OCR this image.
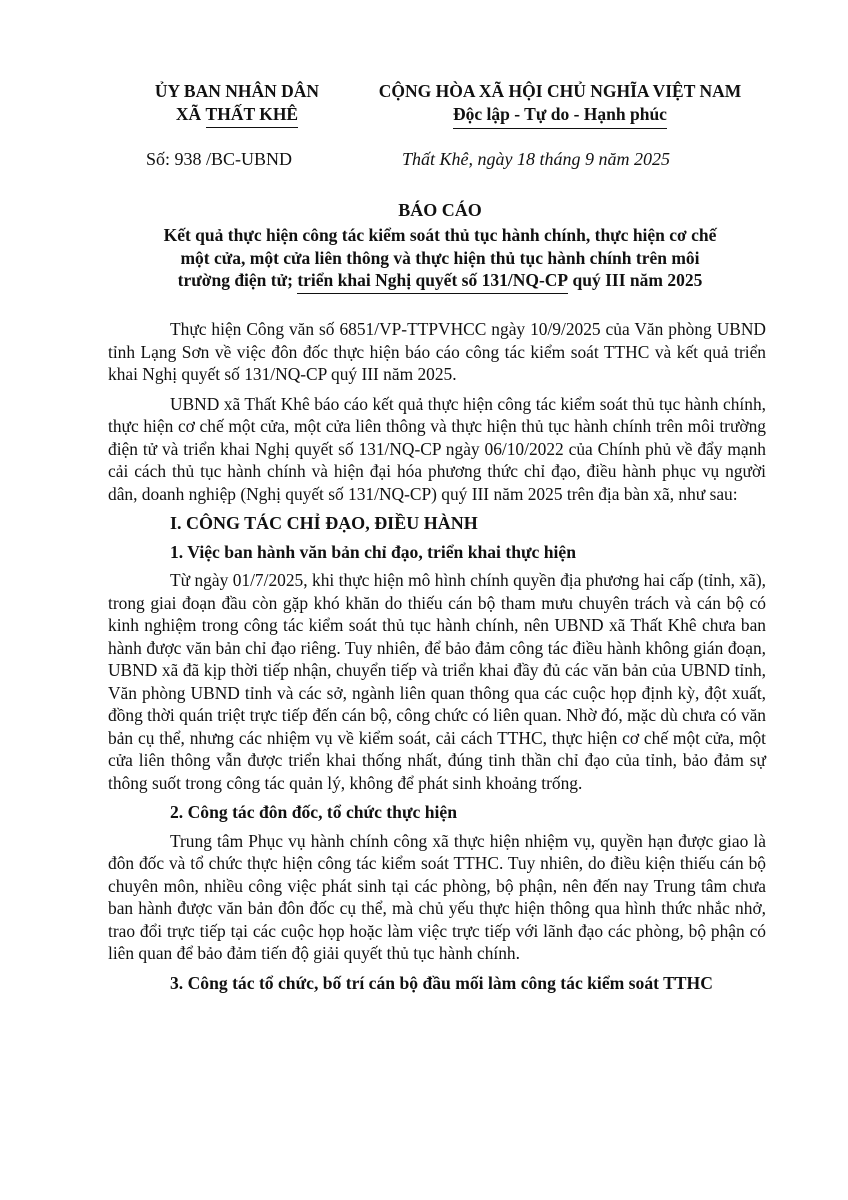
ỦY BAN NHÂN DÂN
XÃ THẤT KHÊ
CỘNG HÒA XÃ HỘI CHỦ NGHĨA VIỆT NAM
Độc lập - Tự do - Hạnh phúc
Số: 938 /BC-UBND	Thất Khê, ngày 18 tháng 9 năm 2025
BÁO CÁO
Kết quả thực hiện công tác kiểm soát thủ tục hành chính, thực hiện cơ chế
một cửa, một cửa liên thông và thực hiện thủ tục hành chính trên môi
trường điện tử; triển khai Nghị quyết số 131/NQ-CP quý III năm 2025

Thực hiện Công văn số 6851/VP-TTPVHCC ngày 10/9/2025 của Văn phòng UBND tỉnh Lạng Sơn về việc đôn đốc thực hiện báo cáo công tác kiểm soát TTHC và kết quả triển khai Nghị quyết số 131/NQ-CP quý III năm 2025.

UBND xã Thất Khê báo cáo kết quả thực hiện công tác kiểm soát thủ tục hành chính, thực hiện cơ chế một cửa, một cửa liên thông và thực hiện thủ tục hành chính trên môi trường điện tử và triển khai Nghị quyết số 131/NQ-CP ngày 06/10/2022 của Chính phủ về đẩy mạnh cải cách thủ tục hành chính và hiện đại hóa phương thức chỉ đạo, điều hành phục vụ người dân, doanh nghiệp (Nghị quyết số 131/NQ-CP) quý III năm 2025 trên địa bàn xã, như sau:

I. CÔNG TÁC CHỈ ĐẠO, ĐIỀU HÀNH

1. Việc ban hành văn bản chỉ đạo, triển khai thực hiện

Từ ngày 01/7/2025, khi thực hiện mô hình chính quyền địa phương hai cấp (tỉnh, xã), trong giai đoạn đầu còn gặp khó khăn do thiếu cán bộ tham mưu chuyên trách và cán bộ có kinh nghiệm trong công tác kiểm soát thủ tục hành chính, nên UBND xã Thất Khê chưa ban hành được văn bản chỉ đạo riêng. Tuy nhiên, để bảo đảm công tác điều hành không gián đoạn, UBND xã đã kịp thời tiếp nhận, chuyển tiếp và triển khai đầy đủ các văn bản của UBND tỉnh, Văn phòng UBND tỉnh và các sở, ngành liên quan thông qua các cuộc họp định kỳ, đột xuất, đồng thời quán triệt trực tiếp đến cán bộ, công chức có liên quan. Nhờ đó, mặc dù chưa có văn bản cụ thể, nhưng các nhiệm vụ về kiểm soát, cải cách TTHC, thực hiện cơ chế một cửa, một cửa liên thông vẫn được triển khai thống nhất, đúng tinh thần chỉ đạo của tỉnh, bảo đảm sự thông suốt trong công tác quản lý, không để phát sinh khoảng trống.

2. Công tác đôn đốc, tổ chức thực hiện

Trung tâm Phục vụ hành chính công xã thực hiện nhiệm vụ, quyền hạn được giao là đôn đốc và tổ chức thực hiện công tác kiểm soát TTHC. Tuy nhiên, do điều kiện thiếu cán bộ chuyên môn, nhiều công việc phát sinh tại các phòng, bộ phận, nên đến nay Trung tâm chưa ban hành được văn bản đôn đốc cụ thể, mà chủ yếu thực hiện thông qua hình thức nhắc nhở, trao đổi trực tiếp tại các cuộc họp hoặc làm việc trực tiếp với lãnh đạo các phòng, bộ phận có liên quan để bảo đảm tiến độ giải quyết thủ tục hành chính.

3. Công tác tổ chức, bố trí cán bộ đầu mối làm công tác kiểm soát TTHC
